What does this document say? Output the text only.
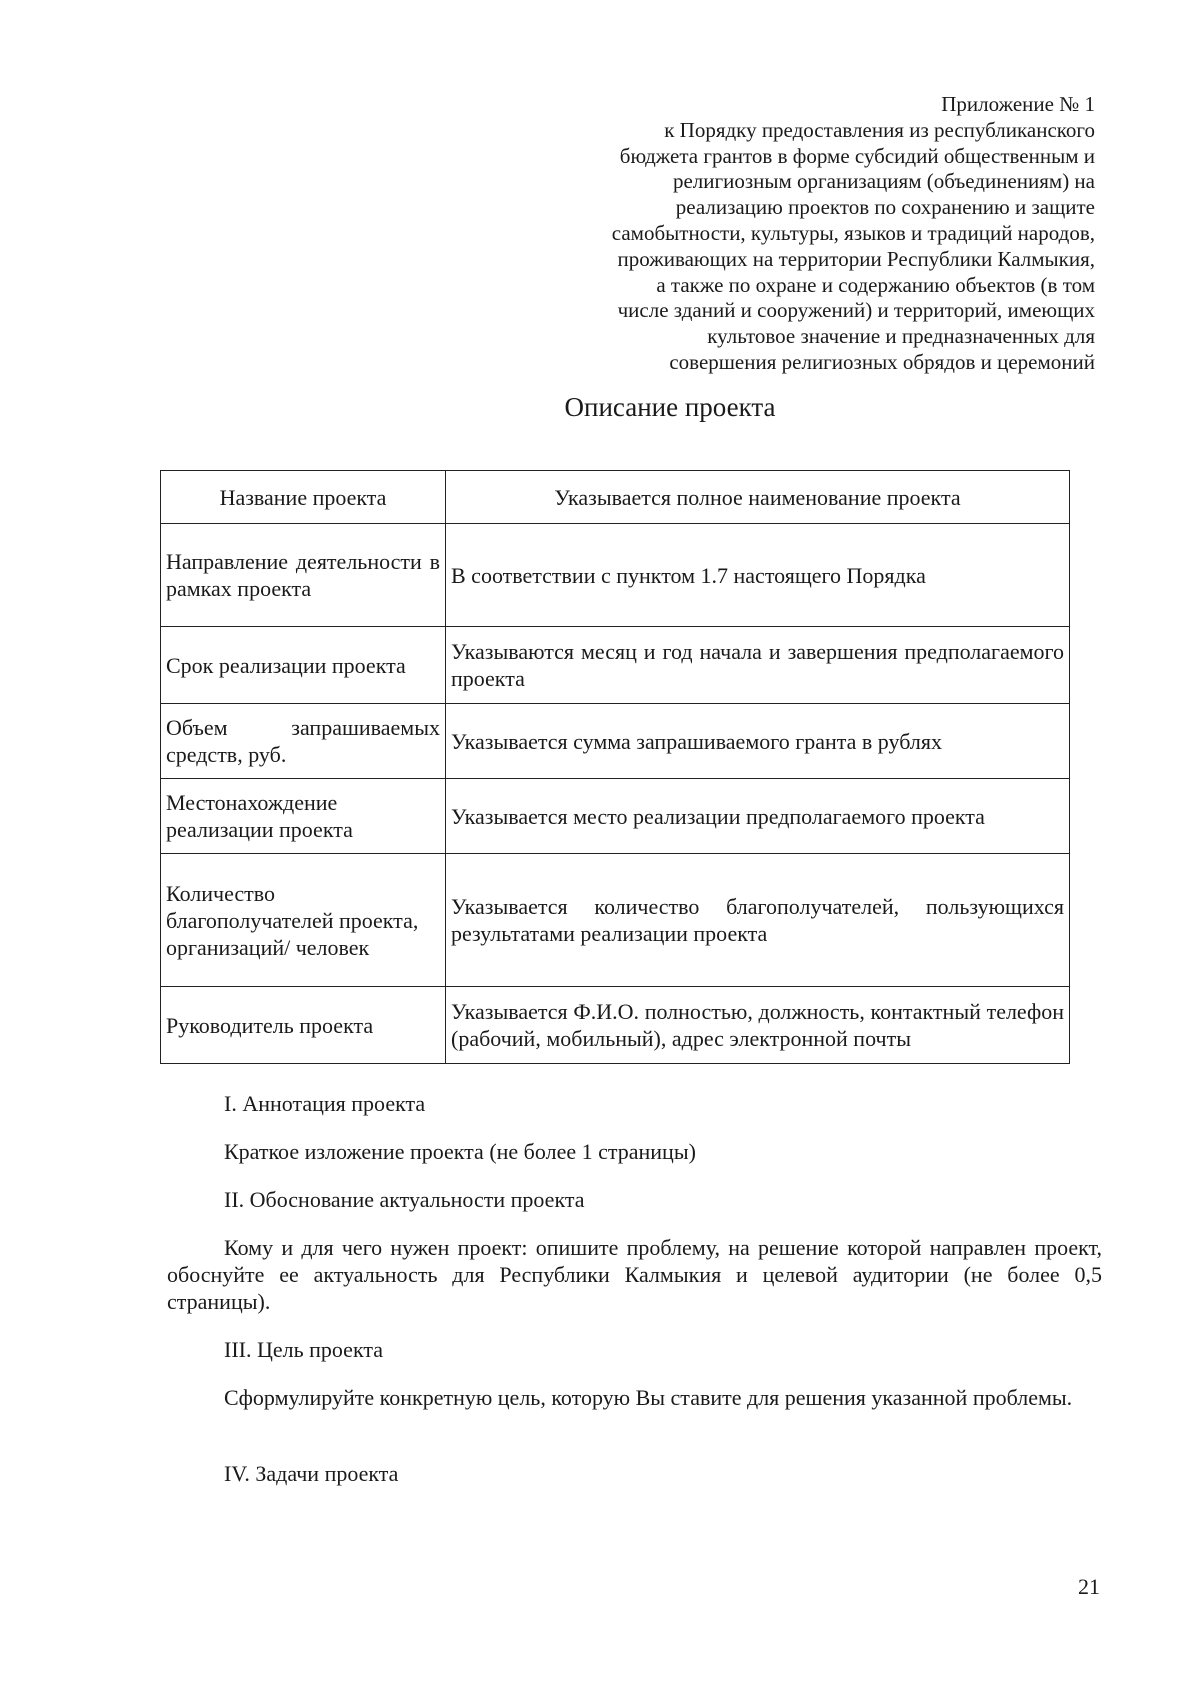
Приложение № 1
к Порядку предоставления из республиканского
бюджета грантов в форме субсидий общественным и
религиозным организациям (объединениям) на
реализацию проектов по сохранению и защите
самобытности, культуры, языков и традиций народов,
проживающих на территории Республики Калмыкия,
а также по охране и содержанию объектов (в том
числе зданий и сооружений) и территорий, имеющих
культовое значение и предназначенных для
совершения религиозных обрядов и церемоний
Описание проекта
Название проекта	Указывается полное наименование проекта
Направление деятельности в рамках проекта	В соответствии с пунктом 1.7 настоящего Порядка
Срок реализации проекта	Указываются месяц и год начала и завершения предполагаемого проекта
Объем запрашиваемых средств, руб.	Указывается сумма запрашиваемого гранта в рублях
Местонахождение реализации проекта	Указывается место реализации предполагаемого проекта
Количество благополучателей проекта, организаций/ человек	Указывается количество благополучателей, пользующихся результатами реализации проекта
Руководитель проекта	Указывается Ф.И.О. полностью, должность, контактный телефон (рабочий, мобильный), адрес электронной почты

I. Аннотация проекта

Краткое изложение проекта (не более 1 страницы)

II. Обоснование актуальности проекта

Кому и для чего нужен проект: опишите проблему, на решение которой направлен проект, обоснуйте ее актуальность для Республики Калмыкия и целевой аудитории (не более 0,5 страницы).

III. Цель проекта

Сформулируйте конкретную цель, которую Вы ставите для решения указанной проблемы.

IV. Задачи проекта

21
